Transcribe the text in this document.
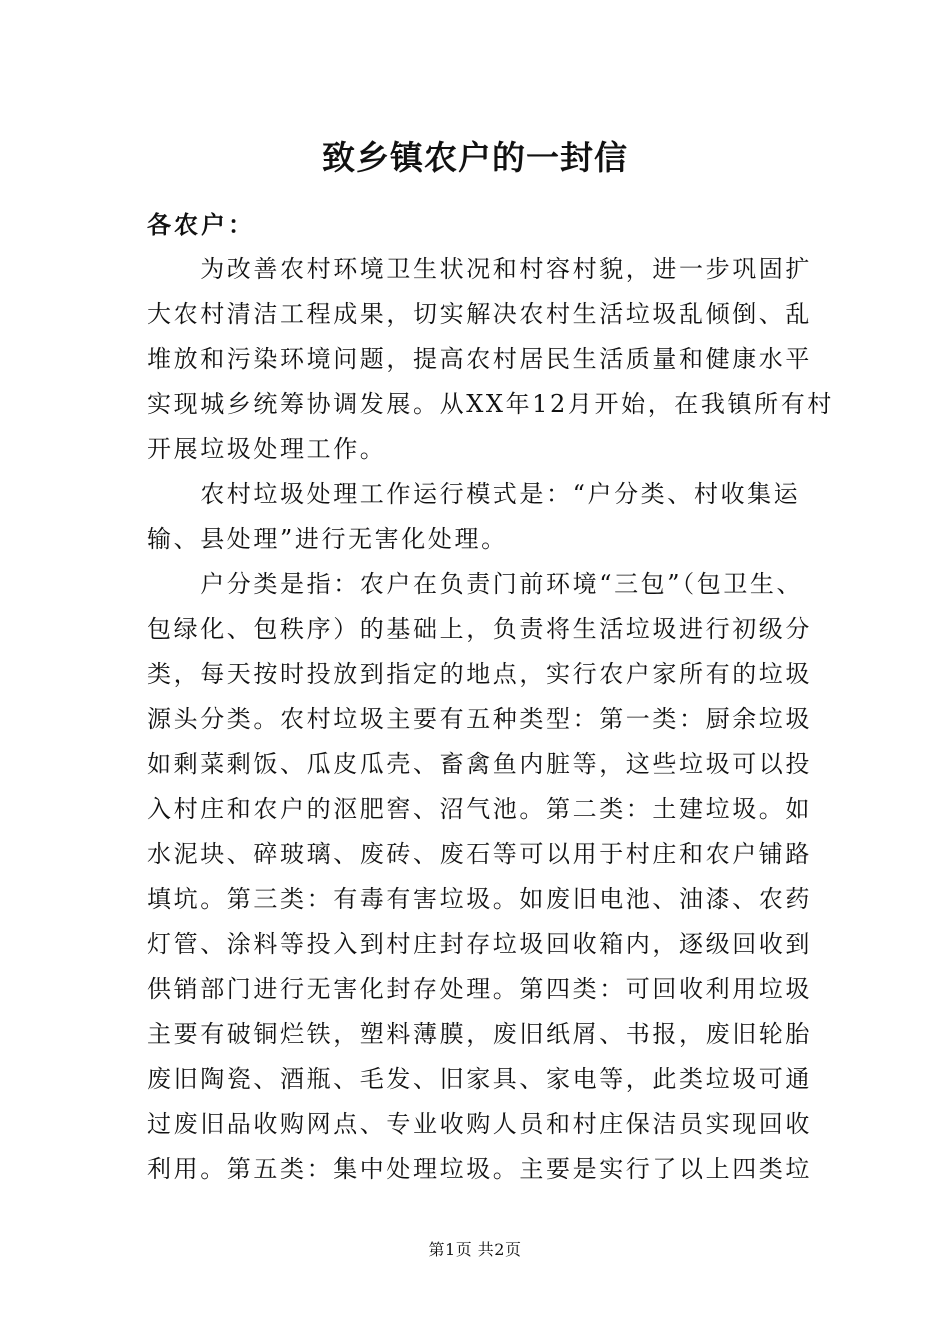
致乡镇农户的一封信
各农户：
　　为改善农村环境卫生状况和村容村貌，进一步巩固扩
大农村清洁工程成果，切实解决农村生活垃圾乱倾倒、乱
堆放和污染环境问题，提高农村居民生活质量和健康水平
实现城乡统筹协调发展。从XX年12月开始，在我镇所有村
开展垃圾处理工作。
　　农村垃圾处理工作运行模式是：“户分类、村收集运
输、县处理”进行无害化处理。
　　户分类是指：农户在负责门前环境“三包”（包卫生、
包绿化、包秩序）的基础上，负责将生活垃圾进行初级分
类，每天按时投放到指定的地点，实行农户家所有的垃圾
源头分类。农村垃圾主要有五种类型：第一类：厨余垃圾
如剩菜剩饭、瓜皮瓜壳、畜禽鱼内脏等，这些垃圾可以投
入村庄和农户的沤肥窖、沼气池。第二类：土建垃圾。如
水泥块、碎玻璃、废砖、废石等可以用于村庄和农户铺路
填坑。第三类：有毒有害垃圾。如废旧电池、油漆、农药
灯管、涂料等投入到村庄封存垃圾回收箱内，逐级回收到
供销部门进行无害化封存处理。第四类：可回收利用垃圾
主要有破铜烂铁，塑料薄膜，废旧纸屑、书报，废旧轮胎
废旧陶瓷、酒瓶、毛发、旧家具、家电等，此类垃圾可通
过废旧品收购网点、专业收购人员和村庄保洁员实现回收
利用。第五类：集中处理垃圾。主要是实行了以上四类垃
第1页 共2页
